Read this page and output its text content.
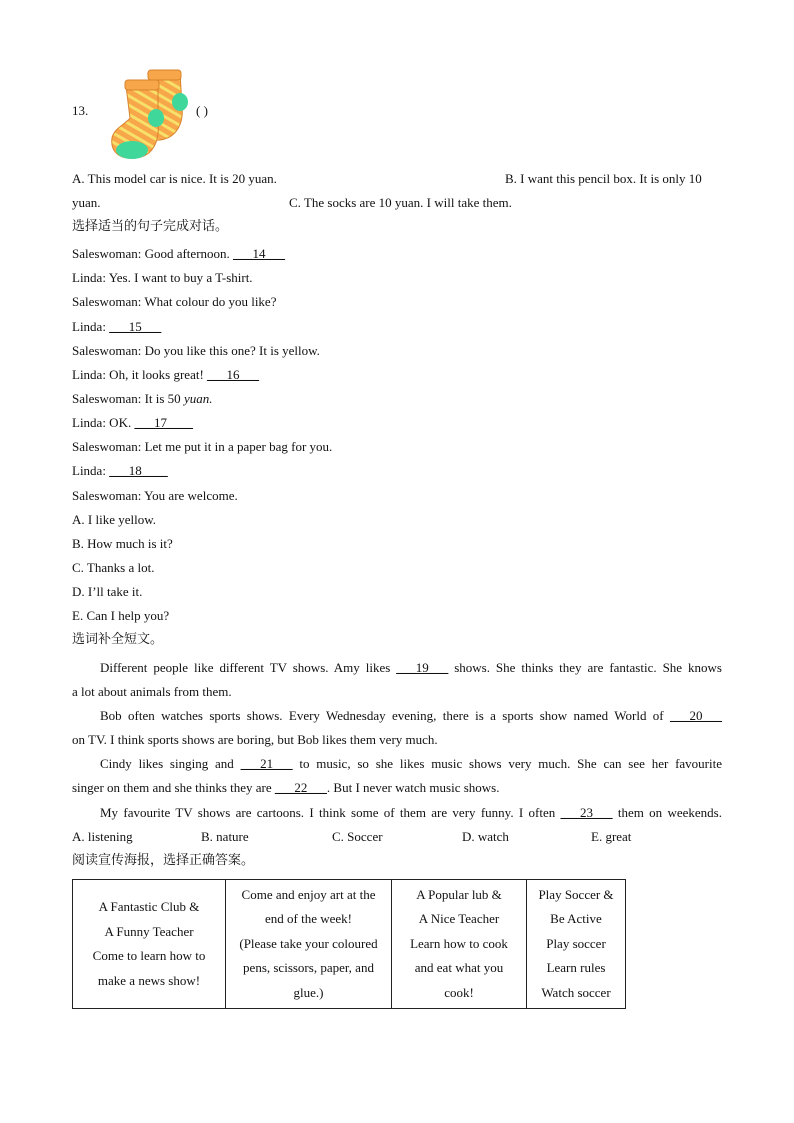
13.	( )
A. This model car is nice. It is 20 yuan.	B. I want this pencil box. It is only 10
yuan.	C. The socks are 10 yuan. I will take them.
选择适当的句子完成对话。
Saleswoman: Good afternoon. ___14___
Linda: Yes. I want to buy a T-shirt.
Saleswoman: What colour do you like?
Linda: ___15___
Saleswoman: Do you like this one? It is yellow.
Linda: Oh, it looks great! ___16___
Saleswoman: It is 50 yuan.
Linda: OK. ___17____
Saleswoman: Let me put it in a paper bag for you.
Linda: ___18____
Saleswoman: You are welcome.
A. I like yellow.
B. How much is it?
C. Thanks a lot.
D. I’ll take it.
E. Can I help you?
选词补全短文。
Different people like different TV shows. Amy likes ___19___ shows. She thinks they are fantastic. She knows
a lot about animals from them.
Bob often watches sports shows. Every Wednesday evening, there is a sports show named World of ___20___
on TV. I think sports shows are boring, but Bob likes them very much.
Cindy likes singing and ___21___ to music, so she likes music shows very much. She can see her favourite
singer on them and she thinks they are ___22___. But I never watch music shows.
My favourite TV shows are cartoons. I think some of them are very funny. I often ___23___ them on weekends.
A. listening	B. nature	C. Soccer	D. watch	E. great
阅读宣传海报，选择正确答案。
A Fantastic Club &
A Funny Teacher
Come to learn how to
make a news show!

Come and enjoy art at the
end of the week!
(Please take your coloured
pens, scissors, paper, and
glue.)

A Popular lub &
A Nice Teacher
Learn how to cook
and eat what you
cook!

Play Soccer &
Be Active
Play soccer
Learn rules
Watch soccer
